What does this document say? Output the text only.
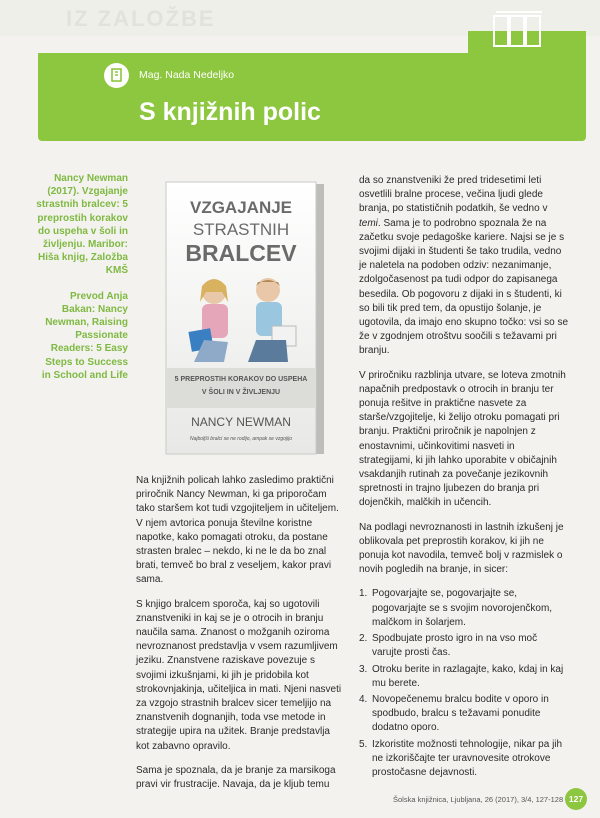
IZ ZALOŽBE
Mag. Nada Nedeljko
S knjižnih polic

Nancy Newman (2017). Vzgajanje strastnih bralcev: 5 preprostih korakov do uspeha v šoli in življenju. Maribor: Hiša knjig, Založba KMŠ

Prevod Anja Bakan: Nancy Newman, Raising Passionate Readers: 5 Easy Steps to Success in School and Life

VZGAJANJE
STRASTNIH
BRALCEV
5 PREPROSTIH KORAKOV DO USPEHA
V ŠOLI IN V ŽIVLJENJU
NANCY NEWMAN
Najboljši bralci se ne rodijo, ampak se vzgojijo

Na knjižnih policah lahko zasledimo praktični priročnik Nancy Newman, ki ga priporočam tako staršem kot tudi vzgojiteljem in učiteljem. V njem avtorica ponuja številne koristne napotke, kako pomagati otroku, da postane strasten bralec – nekdo, ki ne le da bo znal brati, temveč bo bral z veseljem, kakor pravi sama.

S knjigo bralcem sporoča, kaj so ugotovili znanstveniki in kaj se je o otrocih in branju naučila sama. Znanost o možganih oziroma nevroznanost predstavlja v vsem razumljivem jeziku. Znanstvene raziskave povezuje s svojimi izkušnjami, ki jih je pridobila kot strokovnjakinja, učiteljica in mati. Njeni nasveti za vzgojo strastnih bralcev sicer temeljijo na znanstvenih dognanjih, toda vse metode in strategije upira na užitek. Branje predstavlja kot zabavno opravilo.

Sama je spoznala, da je branje za marsikoga pravi vir frustracije. Navaja, da je kljub temu

da so znanstveniki že pred tridesetimi leti osvetlili bralne procese, večina ljudi glede branja, po statističnih podatkih, še vedno v temi. Sama je to podrobno spoznala že na začetku svoje pedagoške kariere. Najsi se je s svojimi dijaki in študenti še tako trudila, vedno je naletela na podoben odziv: nezanimanje, zdolgočasenost pa tudi odpor do zapisanega besedila. Ob pogovoru z dijaki in s študenti, ki so bili tik pred tem, da opustijo šolanje, je ugotovila, da imajo eno skupno točko: vsi so se že v zgodnjem otroštvu soočili s težavami pri branju.

V priročniku razblinja utvare, se loteva zmotnih napačnih predpostavk o otrocih in branju ter ponuja rešitve in praktične nasvete za starše/vzgojitelje, ki želijo otroku pomagati pri branju. Praktični priročnik je napolnjen z enostavnimi, učinkovitimi nasveti in strategijami, ki jih lahko uporabite v običajnih vsakdanjih rutinah za povečanje jezikovnih spretnosti in trajno ljubezen do branja pri dojenčkih, malčkih in učencih.

Na podlagi nevroznanosti in lastnih izkušenj je oblikovala pet preprostih korakov, ki jih ne ponuja kot navodila, temveč bolj v razmislek o novih pogledih na branje, in sicer:

1. Pogovarjajte se, pogovarjajte se, pogovarjajte se s svojim novorojenčkom, malčkom in šolarjem.
2. Spodbujate prosto igro in na vso moč varujte prosti čas.
3. Otroku berite in razlagajte, kako, kdaj in kaj mu berete.
4. Novopečenemu bralcu bodite v oporo in spodbudo, bralcu s težavami ponudite dodatno oporo.
5. Izkoristite možnosti tehnologije, nikar pa jih ne izkoriščajte ter uravnovesite otrokove prostočasne dejavnosti.
Šolska knjižnica, Ljubljana, 26 (2017), 3/4, 127-128 127
